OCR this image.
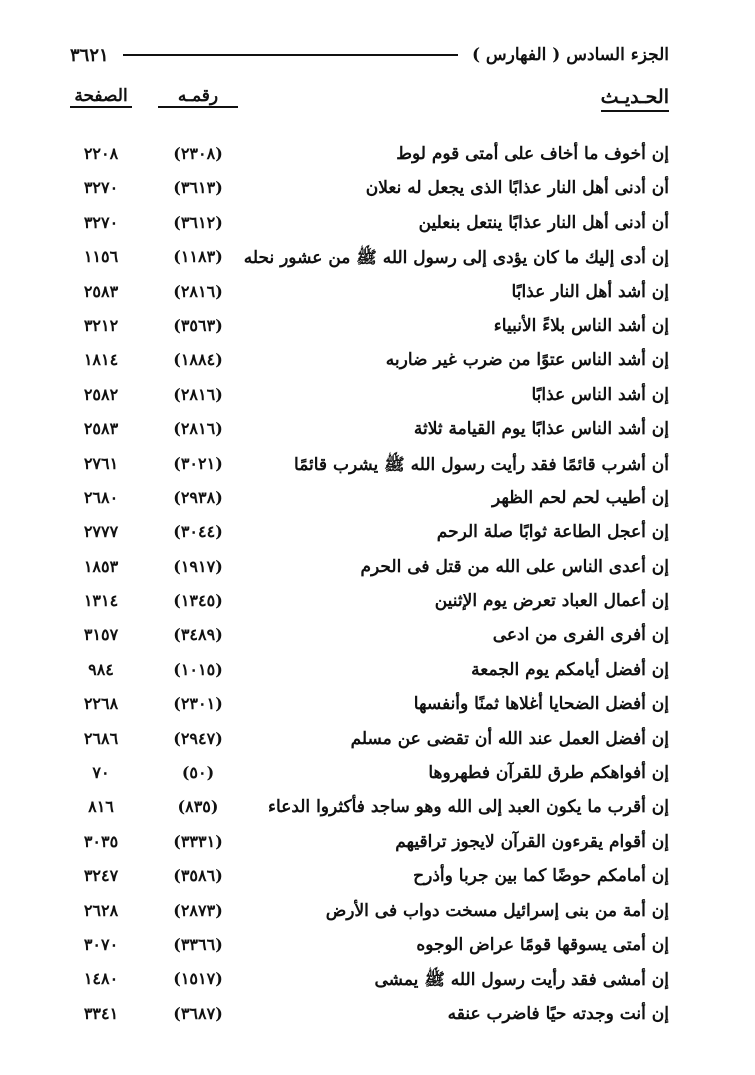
الجزء السادس ( الفهارس )
٣٦٢١
الحـديـث
رقمـه
الصفحة
إن أخوف ما أخاف على أمتى قوم لوط
(٢٣٠٨)
٢٢٠٨
أن أدنى أهل النار عذابًا الذى يجعل له نعلان
(٣٦١٣)
٣٢٧٠
أن أدنى أهل النار عذابًا ينتعل بنعلين
(٣٦١٢)
٣٢٧٠
إن أدى إليك ما كان يؤدى إلى رسول الله ﷺ من عشور نحله
(١١٨٣)
١١٥٦
إن أشد أهل النار عذابًا
(٢٨١٦)
٢٥٨٣
إن أشد الناس بلاءً الأنبياء
(٣٥٦٣)
٣٢١٢
إن أشد الناس عتوًا من ضرب غير ضاربه
(١٨٨٤)
١٨١٤
إن أشد الناس عذابًا
(٢٨١٦)
٢٥٨٢
إن أشد الناس عذابًا يوم القيامة ثلاثة
(٢٨١٦)
٢٥٨٣
أن أشرب قائمًا فقد رأيت رسول الله ﷺ يشرب قائمًا
(٣٠٢١)
٢٧٦١
إن أطيب لحم لحم الظهر
(٢٩٣٨)
٢٦٨٠
إن أعجل الطاعة ثوابًا صلة الرحم
(٣٠٤٤)
٢٧٧٧
إن أعدى الناس على الله من قتل فى الحرم
(١٩١٧)
١٨٥٣
إن أعمال العباد تعرض يوم الإثنين
(١٣٤٥)
١٣١٤
إن أفرى الفرى من ادعى
(٣٤٨٩)
٣١٥٧
إن أفضل أيامكم يوم الجمعة
(١٠١٥)
٩٨٤
إن أفضل الضحايا أغلاها ثمنًا وأنفسها
(٢٣٠١)
٢٢٦٨
إن أفضل العمل عند الله أن تقضى عن مسلم
(٢٩٤٧)
٢٦٨٦
إن أفواهكم طرق للقرآن فطهروها
(٥٠)
٧٠
إن أقرب ما يكون العبد إلى الله وهو ساجد فأكثروا الدعاء
(٨٣٥)
٨١٦
إن أقوام يقرءون القرآن لايجوز تراقيهم
(٣٣٣١)
٣٠٣٥
إن أمامكم حوضًا كما بين جربا وأذرح
(٣٥٨٦)
٣٢٤٧
إن أمة من بنى إسرائيل مسخت دواب فى الأرض
(٢٨٧٣)
٢٦٢٨
إن أمتى يسوقها قومًا عراض الوجوه
(٣٣٦٦)
٣٠٧٠
إن أمشى فقد رأيت رسول الله ﷺ يمشى
(١٥١٧)
١٤٨٠
إن أنت وجدته حيًا فاضرب عنقه
(٣٦٨٧)
٣٣٤١
